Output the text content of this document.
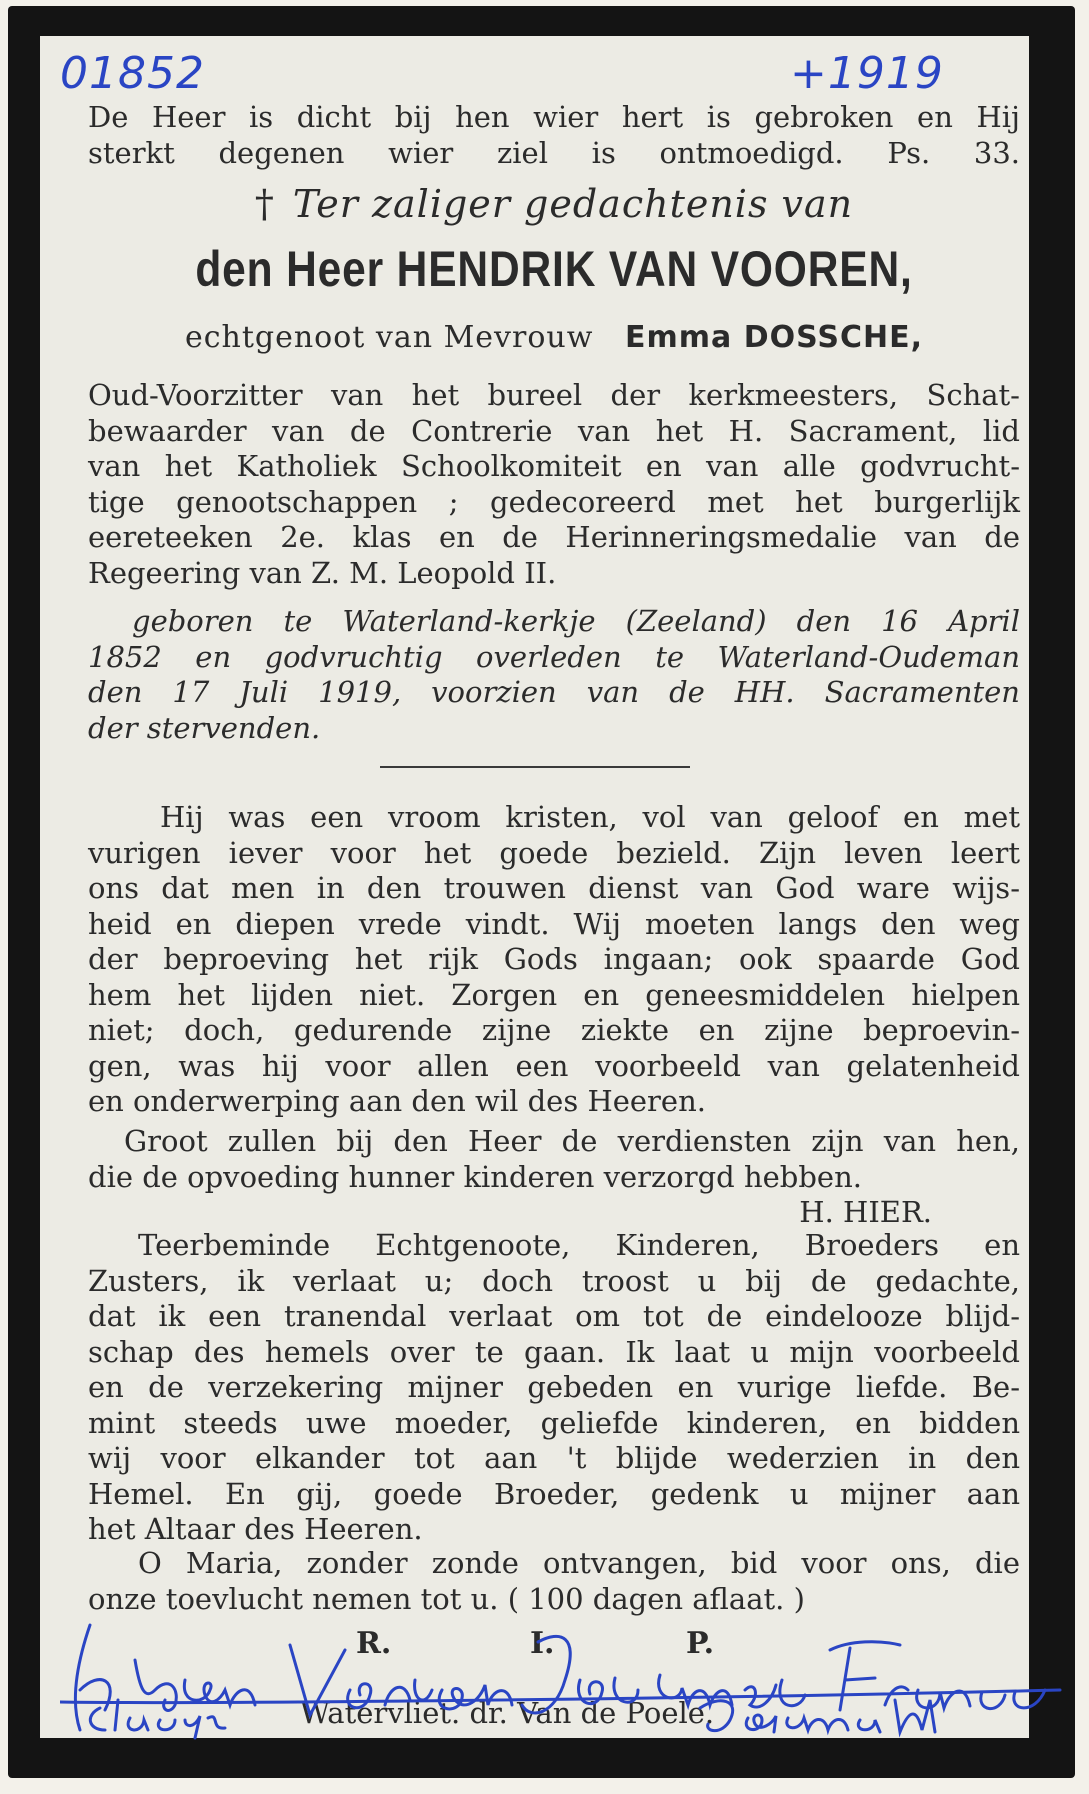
01852	+1919
De Heer is dicht bij hen wier hert is gebroken en Hij
sterkt degenen wier ziel is ontmoedigd. Ps. 33.
† Ter zaliger gedachtenis van
den Heer HENDRIK VAN VOOREN,
echtgenoot van Mevrouw Emma DOSSCHE,
Oud-Voorzitter van het bureel der kerkmeesters, Schat-
bewaarder van de Contrerie van het H. Sacrament, lid
van het Katholiek Schoolkomiteit en van alle godvrucht-
tige genootschappen ; gedecoreerd met het burgerlijk
eereteeken 2e. klas en de Herinneringsmedalie van de
Regeering van Z. M. Leopold II.
geboren te Waterland-kerkje (Zeeland) den 16 April
1852 en godvruchtig overleden te Waterland-Oudeman
den 17 Juli 1919, voorzien van de HH. Sacramenten
der stervenden.
Hij was een vroom kristen, vol van geloof en met
vurigen iever voor het goede bezield. Zijn leven leert
ons dat men in den trouwen dienst van God ware wijs-
heid en diepen vrede vindt. Wij moeten langs den weg
der beproeving het rijk Gods ingaan; ook spaarde God
hem het lijden niet. Zorgen en geneesmiddelen hielpen
niet; doch, gedurende zijne ziekte en zijne beproevin-
gen, was hij voor allen een voorbeeld van gelatenheid
en onderwerping aan den wil des Heeren.
Groot zullen bij den Heer de verdiensten zijn van hen,
die de opvoeding hunner kinderen verzorgd hebben.
H. HIER.
Teerbeminde Echtgenoote, Kinderen, Broeders en
Zusters, ik verlaat u; doch troost u bij de gedachte,
dat ik een tranendal verlaat om tot de eindelooze blijd-
schap des hemels over te gaan. Ik laat u mijn voorbeeld
en de verzekering mijner gebeden en vurige liefde. Be-
mint steeds uwe moeder, geliefde kinderen, en bidden
wij voor elkander tot aan 't blijde wederzien in den
Hemel. En gij, goede Broeder, gedenk u mijner aan
het Altaar des Heeren.
O Maria, zonder zonde ontvangen, bid voor ons, die
onze toevlucht nemen tot u. ( 100 dagen aflaat. )
R.	I.	P.
Watervliet. dr. Van de Poele.
